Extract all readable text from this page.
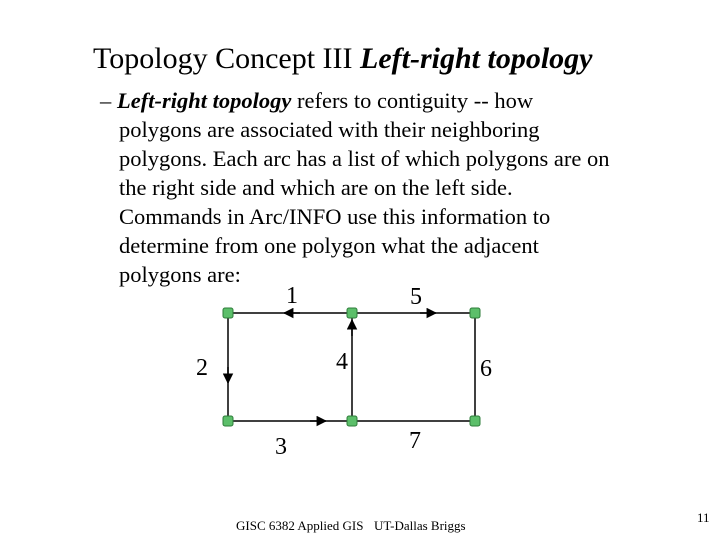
Topology Concept III Left-right topology
– Left-right topology refers to contiguity -- how
polygons are associated with their neighboring
polygons. Each arc has a list of which polygons are on
the right side and which are on the left side.
Commands in Arc/INFO use this information to
determine from one polygon what the adjacent
polygons are:
1	5
2	4	6
3	7
GISC 6382 Applied GIS UT-Dallas Briggs
11
